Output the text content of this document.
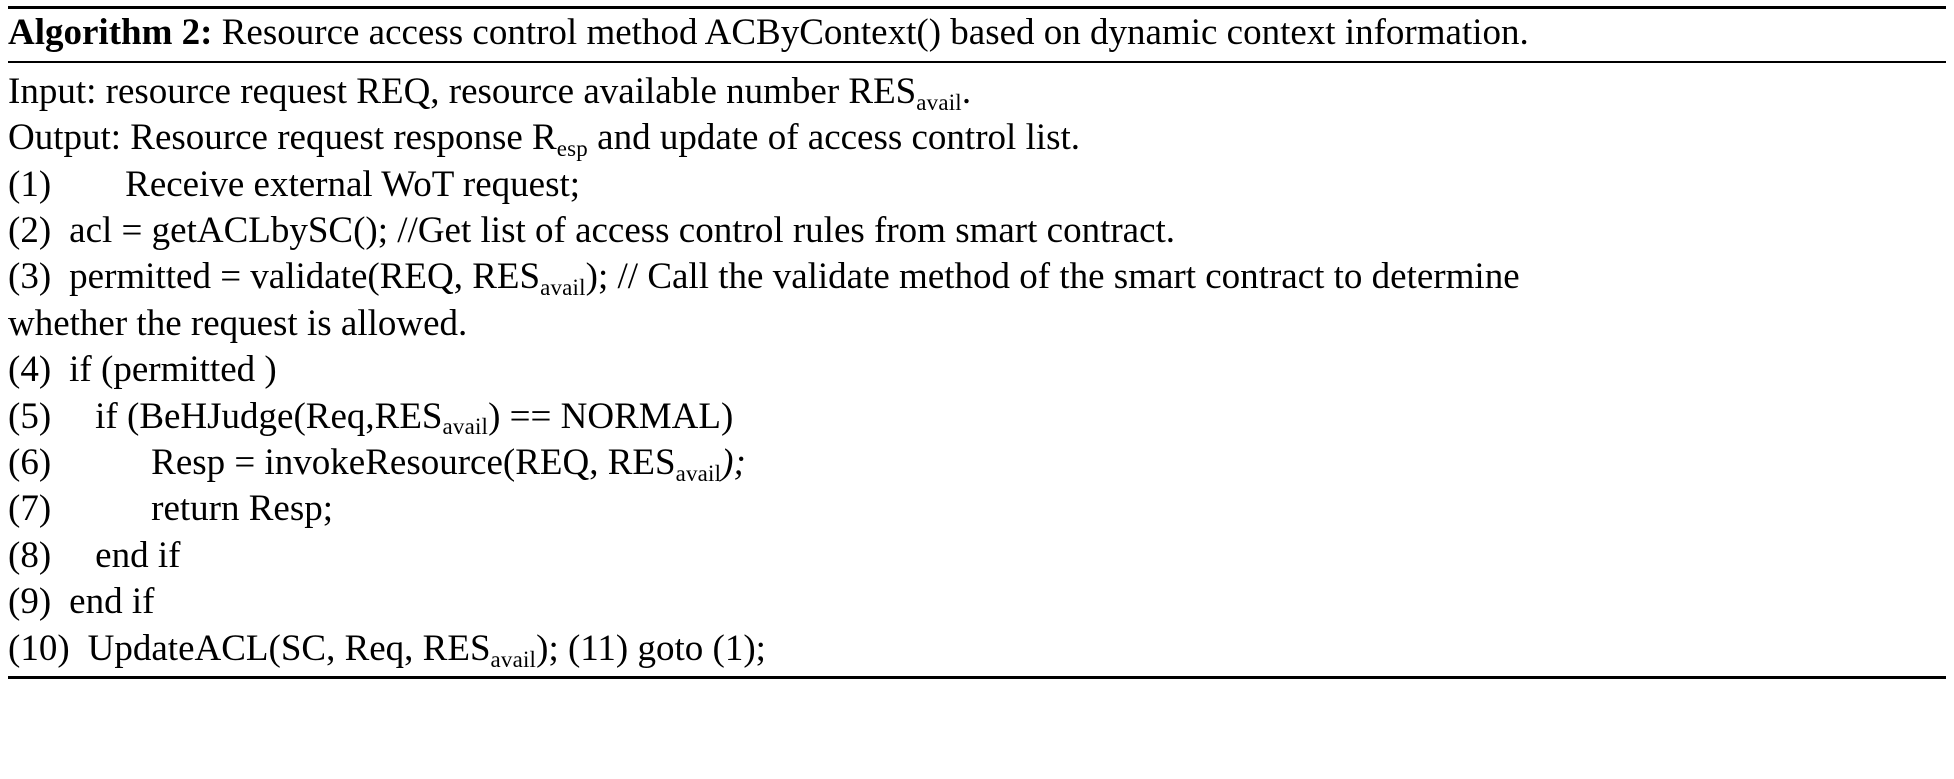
Algorithm 2: Resource access control method ACByContext() based on dynamic context information.
Input: resource request REQ, resource available number $RES_{avail}$.
Output: Resource request response $R_{esp}$ and update of access control list.
(1) Receive external WoT request;
(2) acl = getACLbySC(); //Get list of access control rules from smart contract.
(3) permitted = validate(REQ, $RES_{avail}$); // Call the validate method of the smart contract to determine
whether the request is allowed.
(4) if (permitted )
(5) if ($BeHJudge(Req,RES_{avail})$ == NORMAL)
(6)	Resp = invokeResource(REQ, $RES_{avail}$);
(7)	return Resp;
(8) end if
(9) end if
(10) UpdateACL(SC, Req, $RES_{avail}$); (11) goto (1);
